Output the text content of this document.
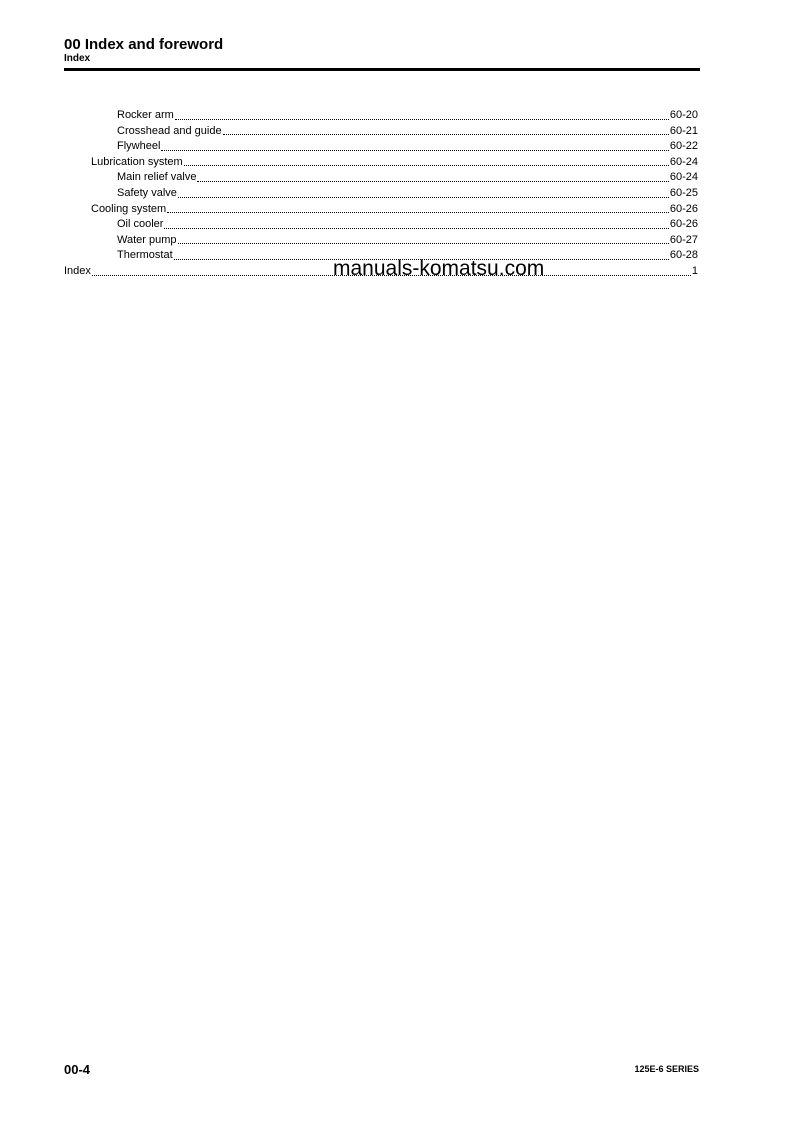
00 Index and foreword
Index
Rocker arm	60-20
Crosshead and guide	60-21
Flywheel	60-22
Lubrication system	60-24
Main relief valve	60-24
Safety valve	60-25
Cooling system	60-26
Oil cooler	60-26
Water pump	60-27
Thermostat	60-28
Index	1
manuals-komatsu.com
00-4	125E-6 SERIES
